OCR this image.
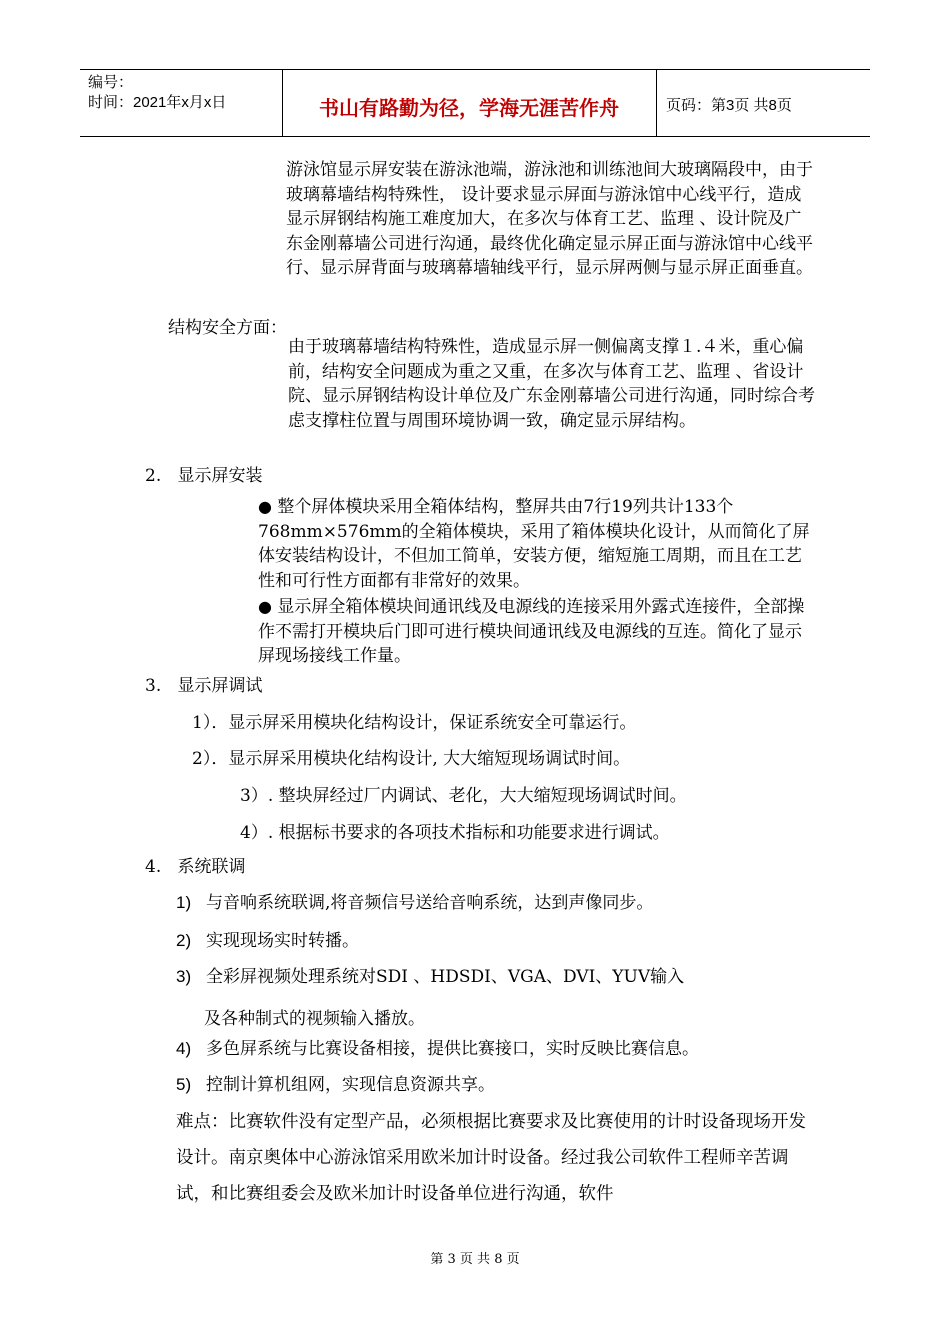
编号：
时间：2021年x月x日	书山有路勤为径，学海无涯苦作舟	页码：第3页 共8页
游泳馆显示屏安装在游泳池端，游泳池和训练池间大玻璃隔段中，由于玻璃幕墙结构特殊性， 设计要求显示屏面与游泳馆中心线平行，造成显示屏钢结构施工难度加大，在多次与体育工艺、监理 、设计院及广东金刚幕墙公司进行沟通，最终优化确定显示屏正面与游泳馆中心线平行、显示屏背面与玻璃幕墙轴线平行，显示屏两侧与显示屏正面垂直。
结构安全方面：
由于玻璃幕墙结构特殊性，造成显示屏一侧偏离支撑１.４米，重心偏前，结构安全问题成为重之又重，在多次与体育工艺、监理 、省设计院、显示屏钢结构设计单位及广东金刚幕墙公司进行沟通，同时综合考虑支撑柱位置与周围环境协调一致，确定显示屏结构。
2. 显示屏安装
● 整个屏体模块采用全箱体结构，整屏共由7行19列共计133个768mm×576mm的全箱体模块，采用了箱体模块化设计，从而简化了屏体安装结构设计，不但加工简单，安装方便，缩短施工周期，而且在工艺性和可行性方面都有非常好的效果。
● 显示屏全箱体模块间通讯线及电源线的连接采用外露式连接件，全部操作不需打开模块后门即可进行模块间通讯线及电源线的互连。简化了显示屏现场接线工作量。
3. 显示屏调试
1）．显示屏采用模块化结构设计，保证系统安全可靠运行。
2）．显示屏采用模块化结构设计, 大大缩短现场调试时间。
3）. 整块屏经过厂内调试、老化，大大缩短现场调试时间。
4）. 根据标书要求的各项技术指标和功能要求进行调试。
4. 系统联调
1) 与音响系统联调,将音频信号送给音响系统，达到声像同步。
2) 实现现场实时转播。
3) 全彩屏视频处理系统对SDI 、HDSDI、VGA、DVI、YUV输入
及各种制式的视频输入播放。
4) 多色屏系统与比赛设备相接，提供比赛接口，实时反映比赛信息。
5) 控制计算机组网，实现信息资源共享。
难点：比赛软件没有定型产品，必须根据比赛要求及比赛使用的计时设备现场开发设计。南京奥体中心游泳馆采用欧米加计时设备。经过我公司软件工程师辛苦调试，和比赛组委会及欧米加计时设备单位进行沟通，软件
第 3 页 共 8 页
